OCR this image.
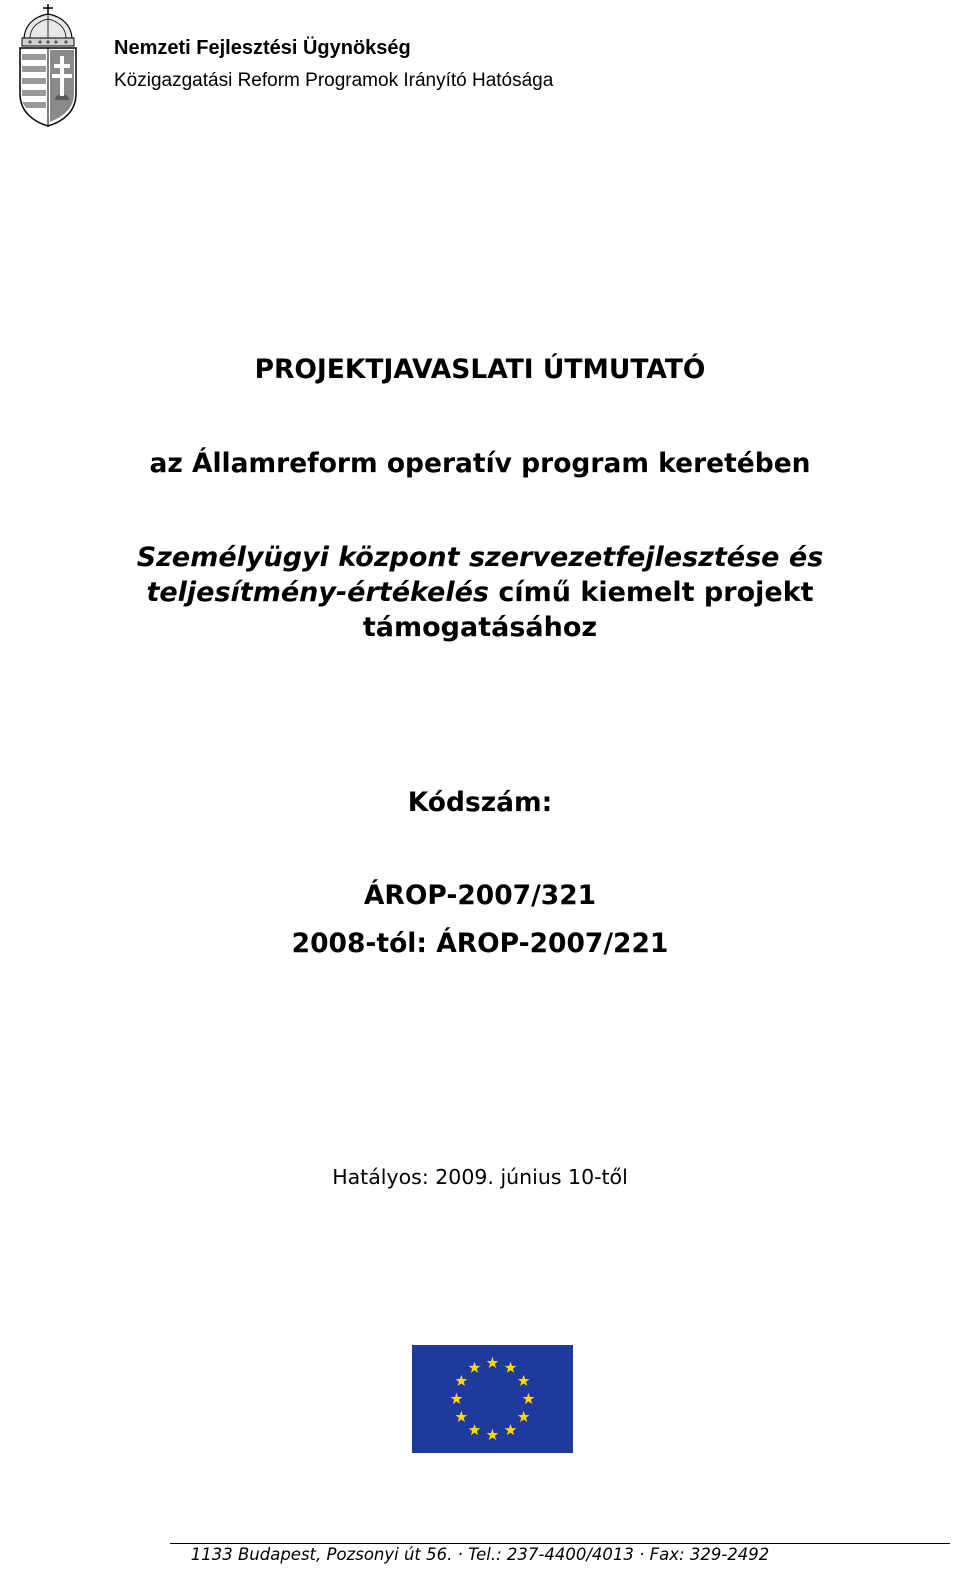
Nemzeti Fejlesztési Ügynökség
Közigazgatási Reform Programok Irányító Hatósága
PROJEKTJAVASLATI ÚTMUTATÓ
az Államreform operatív program keretében
Személyügyi központ szervezetfejlesztése és
teljesítmény-értékelés című kiemelt projekt
támogatásához
Kódszám:
ÁROP-2007/321
2008-tól: ÁROP-2007/221
Hatályos: 2009. június 10-től
1133 Budapest, Pozsonyi út 56. · Tel.: 237-4400/4013 · Fax: 329-2492
